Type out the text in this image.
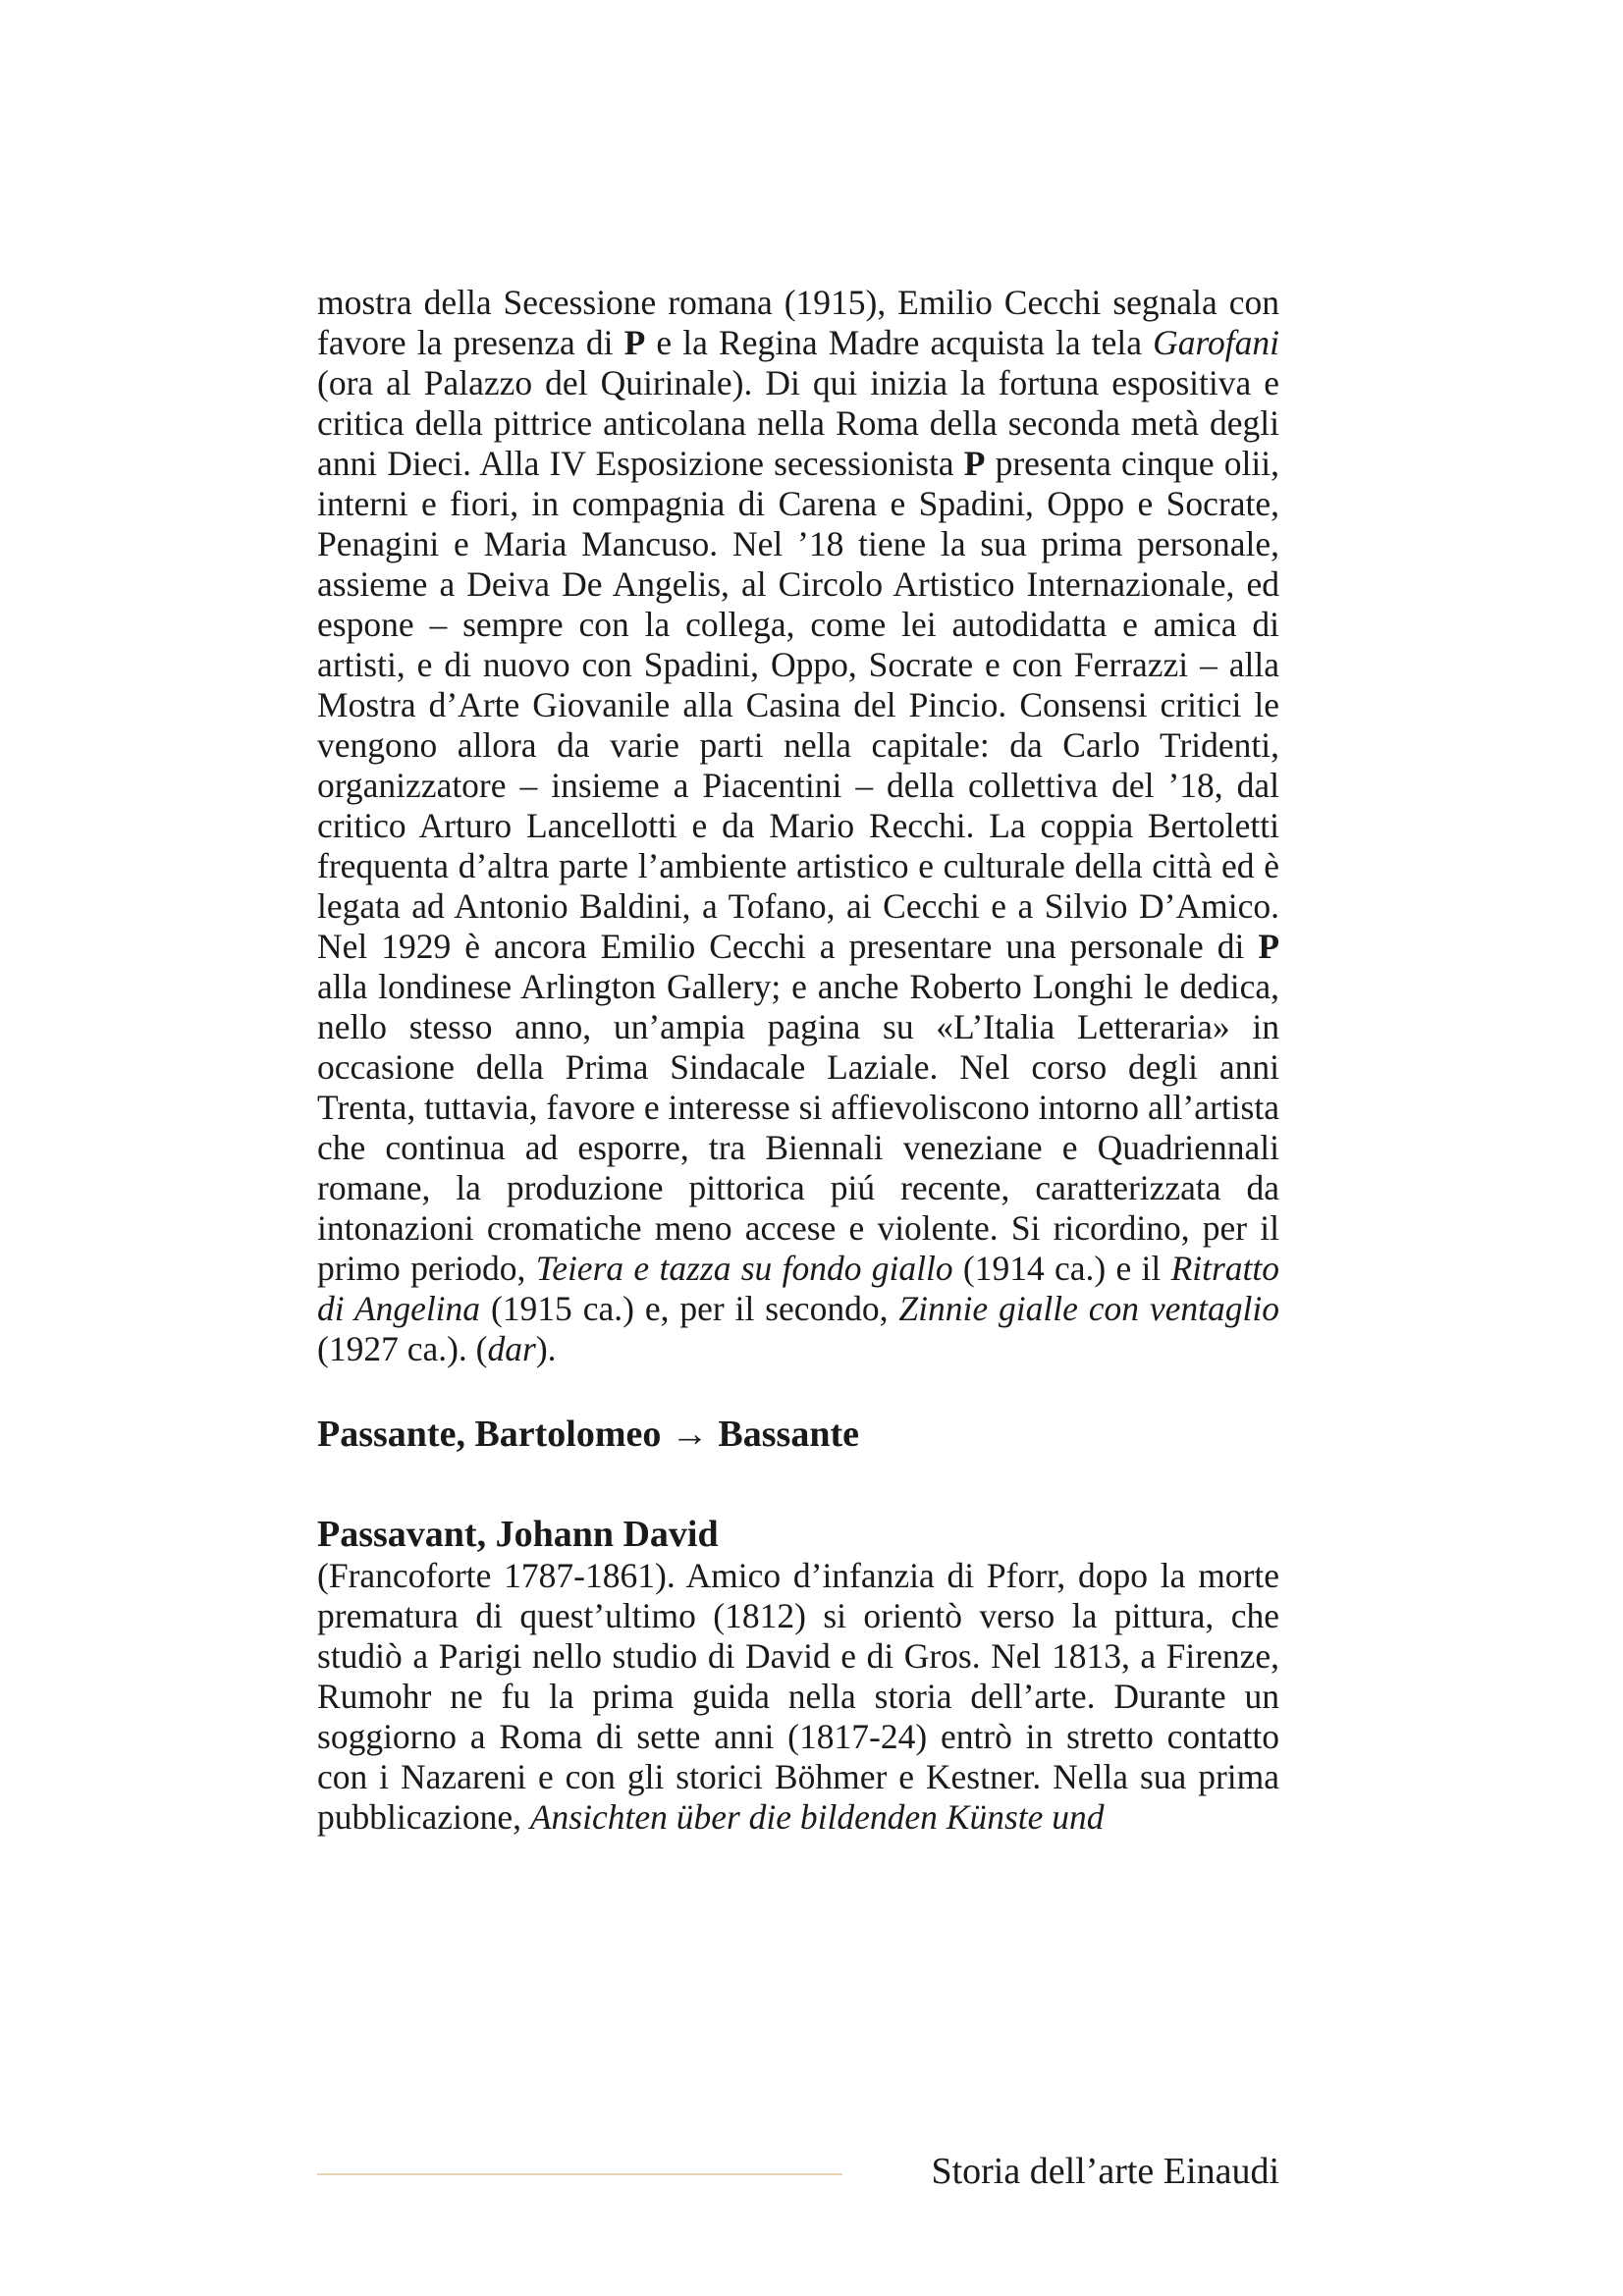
mostra della Secessione romana (1915), Emilio Cecchi segnala con favore la presenza di P e la Regina Madre acquista la tela Garofani (ora al Palazzo del Quirinale). Di qui inizia la fortuna espositiva e critica della pittrice anticolana nella Roma della seconda metà degli anni Dieci. Alla IV Esposizione secessionista P presenta cinque olii, interni e fiori, in compagnia di Carena e Spadini, Oppo e Socrate, Penagini e Maria Mancuso. Nel ’18 tiene la sua prima personale, assieme a Deiva De Angelis, al Circolo Artistico Internazionale, ed espone – sempre con la collega, come lei autodidatta e amica di artisti, e di nuovo con Spadini, Oppo, Socrate e con Ferrazzi – alla Mostra d’Arte Giovanile alla Casina del Pincio. Consensi critici le vengono allora da varie parti nella capitale: da Carlo Tridenti, organizzatore – insieme a Piacentini – della collettiva del ’18, dal critico Arturo Lancellotti e da Mario Recchi. La coppia Bertoletti frequenta d’altra parte l’ambiente artistico e culturale della città ed è legata ad Antonio Baldini, a Tofano, ai Cecchi e a Silvio D’Amico. Nel 1929 è ancora Emilio Cecchi a presentare una personale di P alla londinese Arlington Gallery; e anche Roberto Longhi le dedica, nello stesso anno, un’ampia pagina su «L’Italia Letteraria» in occasione della Prima Sindacale Laziale. Nel corso degli anni Trenta, tuttavia, favore e interesse si affievoliscono intorno all’artista che continua ad esporre, tra Biennali veneziane e Quadriennali romane, la produzione pittorica piú recente, caratterizzata da intonazioni cromatiche meno accese e violente. Si ricordino, per il primo periodo, Teiera e tazza su fondo giallo (1914 ca.) e il Ritratto di Angelina (1915 ca.) e, per il secondo, Zinnie gialle con ventaglio (1927 ca.). (dar).

Passante, Bartolomeo → Bassante
Passavant, Johann David

(Francoforte 1787-1861). Amico d’infanzia di Pforr, dopo la morte prematura di quest’ultimo (1812) si orientò verso la pittura, che studiò a Parigi nello studio di David e di Gros. Nel 1813, a Firenze, Rumohr ne fu la prima guida nella storia dell’arte. Durante un soggiorno a Roma di sette anni (1817-24) entrò in stretto contatto con i Nazareni e con gli storici Böhmer e Kestner. Nella sua prima pubblicazione, Ansichten über die bildenden Künste und

Storia dell’arte Einaudi
